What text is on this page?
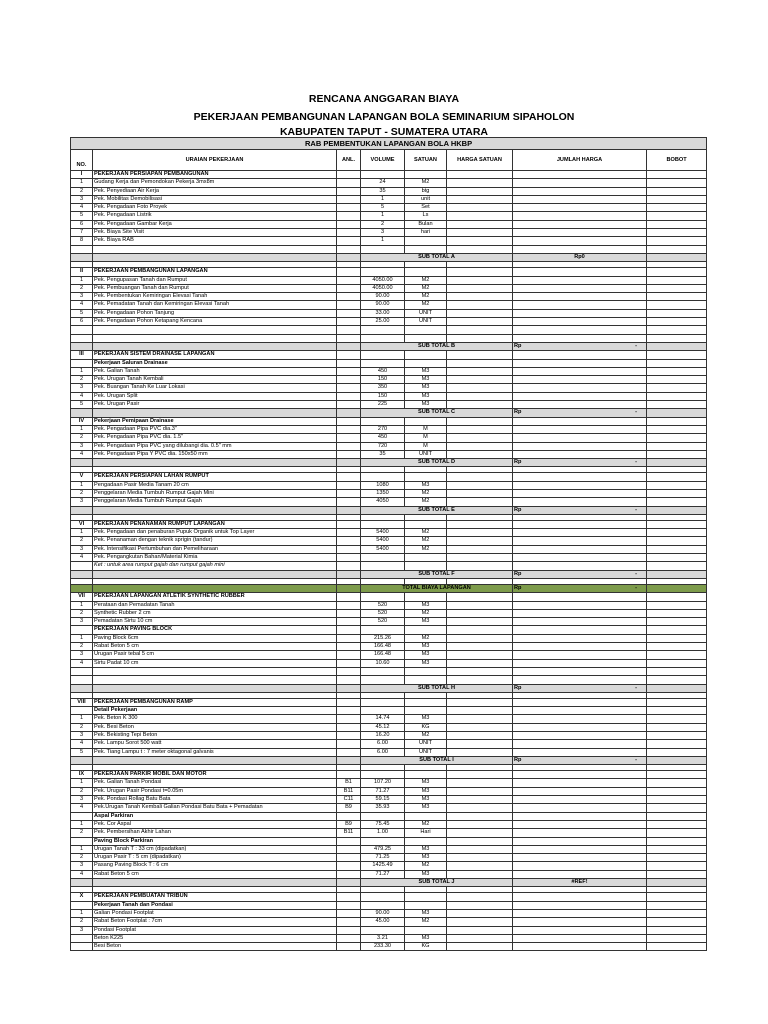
RENCANA ANGGARAN BIAYA
PEKERJAAN PEMBANGUNAN LAPANGAN BOLA SEMINARIUM SIPAHOLON
KABUPATEN TAPUT - SUMATERA UTARA
RAB PEMBENTUKAN LAPANGAN BOLA HKBP							
NO.	URAIAN PEKERJAAN	ANL.	VOLUME	SATUAN	HARGA SATUAN	JUMLAH HARGA	BOBOT
I	PEKERJAAN PERSIAPAN PEMBANGUNAN						
1	Gudang Kerja dan Pemondokan Pekerja 3mx8m		24	M2			
2	Pek. Penyediaan Air Kerja		35	btg			
3	Pek. Mobilitas Demobilisasi		1	unit			
4	Pek. Pengadaan Foto Proyek		5	Set			
5	Pek. Pengadaan Listrik		1	Ls			
6	Pek. Pengadaan Gambar Kerja		2	Bulan			
7	Pek. Biaya Site Visit		3	hari			
8	Pek. Biaya RAB		1				

			SUB TOTAL A			Rp0	

II	PEKERJAAN PEMBANGUNAN LAPANGAN						
1	Pek. Pengupasan Tanah dan Rumput		4050.00	M2			
2	Pek. Pembuangan Tanah dan Rumput		4050.00	M2			
3	Pek. Pembentukan Kemiringan Elevasi Tanah		90.00	M2			
4	Pek. Pemadatan Tanah dan Kemiringan Elevasi Tanah		90.00	M2			
5	Pek. Pengadaan Pohon Tanjung		33.00	UNIT			
6	Pek. Pengadaan Pohon Ketapang Kencana		25.00	UNIT			

			SUB TOTAL B			Rp -	

III	PEKERJAAN SISTEM DRAINASE LAPANGAN						
	Pekerjaan Saluran Drainase						
1	Pek. Galian Tanah		450	M3			
2	Pek. Urugan Tanah Kembali		150	M3			
3	Pek. Buangan Tanah Ke Luar Lokasi		350	M3			
4	Pek. Urugan Split		150	M3			
5	Pek. Urugan Pasir		225	M3			
			SUB TOTAL C			Rp -	

IV	Pekerjaan Pemipaan Drainase						
1	Pek. Pengadaan Pipa PVC dia.3"		270	M			
2	Pek. Pengadaan Pipa PVC dia. 1.5"		450	M			
3	Pek. Pengadaan Pipa PVC yang dilubangi dia. 0.5" mm		720	M			
4	Pek. Pengadaan Pipa Y PVC dia. 150x50 mm		35	UNIT			
			SUB TOTAL D			Rp -	

V	PEKERJAAN PERSIAPAN LAHAN RUMPUT						
1	Pengadaan Pasir Media Tanam 20 cm		1080	M3			
2	Penggelaran Media Tumbuh Rumput Gajah Mini		1350	M2			
3	Penggelaran Media Tumbuh Rumput Gajah		4050	M2			
			SUB TOTAL E			Rp -	

VI	PEKERJAAN PENANAMAN RUMPUT LAPANGAN						
1	Pek. Pengadaan dan penaburan Pupuk Organik untuk Top Layer		5400	M2			
2	Pek. Penanaman dengan teknik sprigin (tandur)		5400	M2			
3	Pek. Intensifikasi Pertumbuhan dan Pemeliharaan		5400	M2			
4	Pek. Pengangkutan Bahan/Material Kimia						
	Ket : untuk area rumput gajah dan rumput gajah mini						
			SUB TOTAL F			Rp -	

			TOTAL BIAYA LAPANGAN			Rp -	

VII	PEKERJAAN LAPANGAN ATLETIK SYNTHETIC RUBBER						
1	Perataan dan Pemadatan Tanah		520	M3			
2	Synthetic Rubber 2 cm		520	M2			
3	Pemadatan Sirtu 10 cm		520	M3			
	PEKERJAAN PAVING BLOCK						
1	Paving Block 6cm		215.26	M2			
2	Rabat Beton 5 cm		166.48	M3			
3	Urugan Pasir tebal 5 cm		166.48	M3			
4	Sirtu Padat 10 cm		10.60	M3			

			SUB TOTAL H			Rp -	

VIII	PEKERJAAN PEMBANGUNAN RAMP						
	Detail Pekerjaan						
1	Pek. Beton K 300		14.74	M3			
2	Pek. Besi Beton		45.12	KG			
3	Pek. Bekisting Tepi Beton		16.20	M2			
4	Pek. Lampu Sorot 500 watt		6.00	UNIT			
5	Pek. Tiang Lampu t : 7 meter oktagonal galvanis		6.00	UNIT			
			SUB TOTAL I			Rp -	

IX	PEKERJAAN PARKIR MOBIL DAN MOTOR						
1	Pek. Galian Tanah Pondasi	B1	107.20	M3			
2	Pek. Urugan Pasir Pondasi t=0.05m	B11	71.27	M3			
3	Pek. Pondasi Rollag Batu Bata	C11	59.15	M3			
4	Pek.Urugan Tanah Kembali Galian Pondasi Batu Bata + Pemadatan	B9	35.93	M3			
	Aspal Parkiran						
1	Pek. Cor Aspal	B9	75.45	M2			
2	Pek. Pembersihan Akhir Lahan	B11	1.00	Hari			
	Paving Block Parkiran						
1	Urugan Tanah T : 33 cm (dipadatkan)		479.25	M3			
2	Urugan Pasir T : 5 cm (dipadatkan)		71.25	M3			
3	Pasang Paving Block T : 6 cm		1425.49	M2			
4	Rabat Beton 5 cm		71.27	M3			
			SUB TOTAL J			#REF!	

X	PEKERJAAN PEMBUATAN TRIBUN						
	Pekerjaan Tanah dan Pondasi						
1	Galian Pondasi Footplat		90.00	M3			
2	Rabat Beton Footplat : 7cm		45.00	M2			
3	Pondasi Footplat						
	Beton K225		3.21	M3			
	Besi Beton		233.30	KG			
